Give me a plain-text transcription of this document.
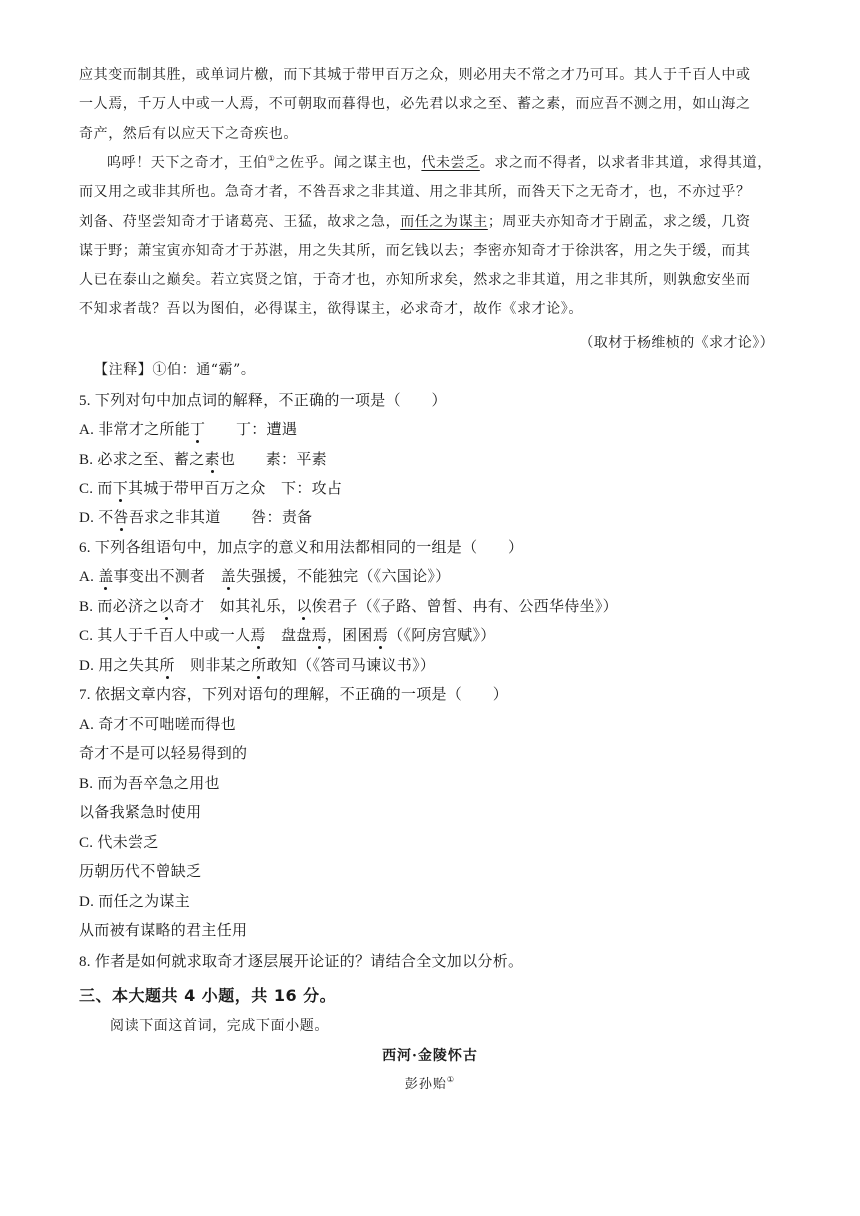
应其变而制其胜，或单词片檄，而下其城于带甲百万之众，则必用夫不常之才乃可耳。其人于千百人中或

一人焉，千万人中或一人焉，不可朝取而暮得也，必先君以求之至、蓄之素，而应吾不测之用，如山海之

奇产，然后有以应天下之奇疾也。

呜呼！天下之奇才，王伯①之佐乎。闻之谋主也，代未尝乏。求之而不得者，以求者非其道，求得其道，

而又用之或非其所也。急奇才者，不咎吾求之非其道、用之非其所，而咎天下之无奇才，也，不亦过乎？

刘备、苻坚尝知奇才于诸葛亮、王猛，故求之急，而任之为谋主；周亚夫亦知奇才于剧孟，求之缓，几资

谋于野；萧宝寅亦知奇才于苏湛，用之失其所，而乞钱以去；李密亦知奇才于徐洪客，用之失于缓，而其

人已在泰山之巅矣。若立宾贤之馆，于奇才也，亦知所求矣，然求之非其道，用之非其所，则孰愈安坐而

不知求者哉？吾以为图伯，必得谋主，欲得谋主，必求奇才，故作《求才论》。

（取材于杨维桢的《求才论》）
【注释】①伯：通“霸”。
5. 下列对句中加点词的解释，不正确的一项是（　　）
A. 非常才之所能丁　　丁：遭遇
B. 必求之至、蓄之素也　　素：平素
C. 而下其城于带甲百万之众　下：攻占
D. 不咎吾求之非其道　　咎：责备
6. 下列各组语句中，加点字的意义和用法都相同的一组是（　　）
A. 盖事变出不测者　盖失强援，不能独完（《六国论》）
B. 而必济之以奇才　如其礼乐，以俟君子（《子路、曾皙、冉有、公西华侍坐》）
C. 其人于千百人中或一人焉　盘盘焉，囷囷焉（《阿房宫赋》）
D. 用之失其所　则非某之所敢知（《答司马谏议书》）
7. 依据文章内容，下列对语句的理解，不正确的一项是（　　）
A. 奇才不可咄嗟而得也
奇才不是可以轻易得到的
B. 而为吾卒急之用也
以备我紧急时使用
C. 代未尝乏
历朝历代不曾缺乏
D. 而任之为谋主
从而被有谋略的君主任用
8. 作者是如何就求取奇才逐层展开论证的？请结合全文加以分析。
三、本大题共 4 小题，共 16 分。
阅读下面这首词，完成下面小题。
西河·金陵怀古
彭孙贻①
